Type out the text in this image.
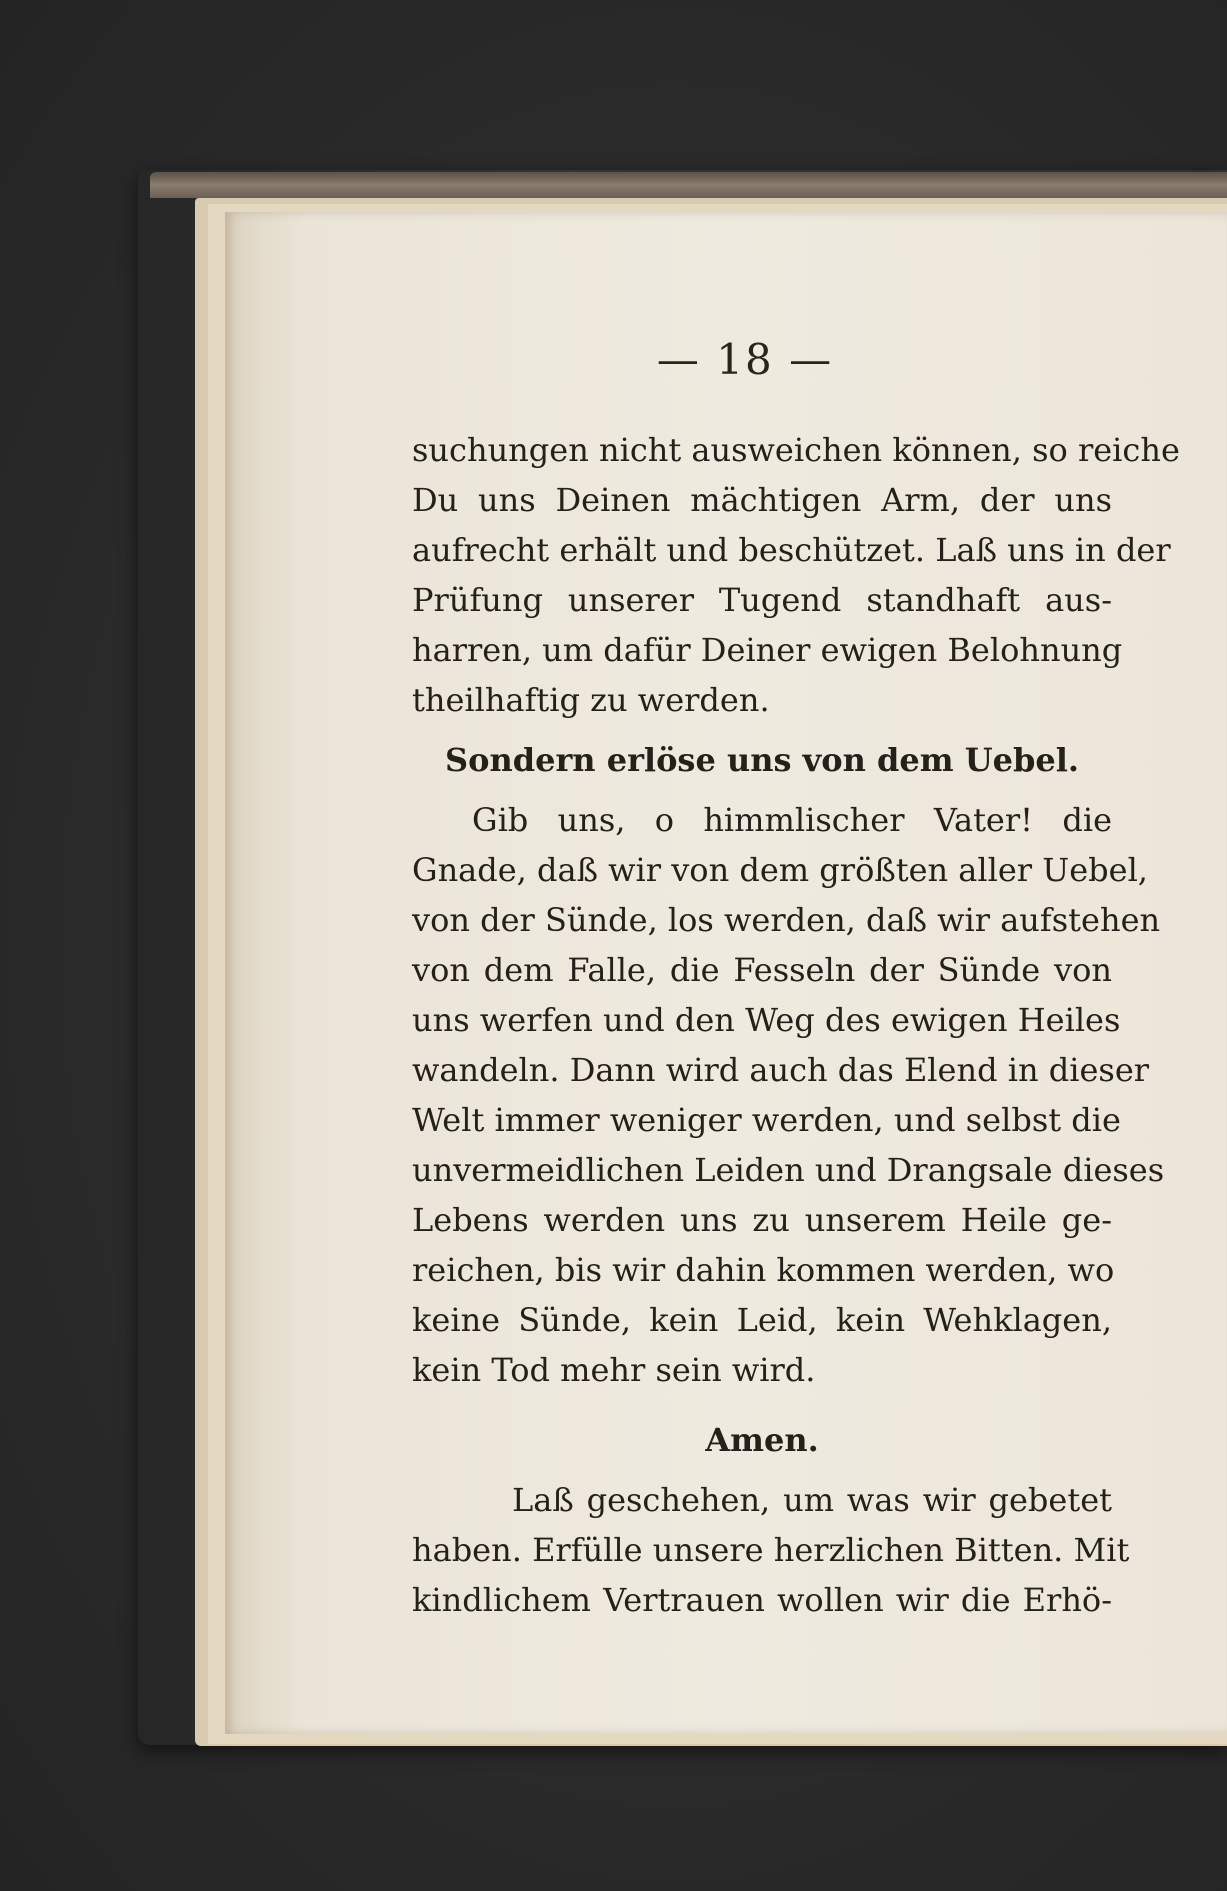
— 18 —
suchungen nicht ausweichen können, so reiche
Du uns Deinen mächtigen Arm, der uns
aufrecht erhält und beschützet. Laß uns in der
Prüfung unserer Tugend standhaft aus-
harren, um dafür Deiner ewigen Belohnung
theilhaftig zu werden.
Sondern erlöse uns von dem Uebel.
Gib uns, o himmlischer Vater! die
Gnade, daß wir von dem größten aller Uebel,
von der Sünde, los werden, daß wir aufstehen
von dem Falle, die Fesseln der Sünde von
uns werfen und den Weg des ewigen Heiles
wandeln. Dann wird auch das Elend in dieser
Welt immer weniger werden, und selbst die
unvermeidlichen Leiden und Drangsale dieses
Lebens werden uns zu unserem Heile ge-
reichen, bis wir dahin kommen werden, wo
keine Sünde, kein Leid, kein Wehklagen,
kein Tod mehr sein wird.
Amen.
Laß geschehen, um was wir gebetet
haben. Erfülle unsere herzlichen Bitten. Mit
kindlichem Vertrauen wollen wir die Erhö-
